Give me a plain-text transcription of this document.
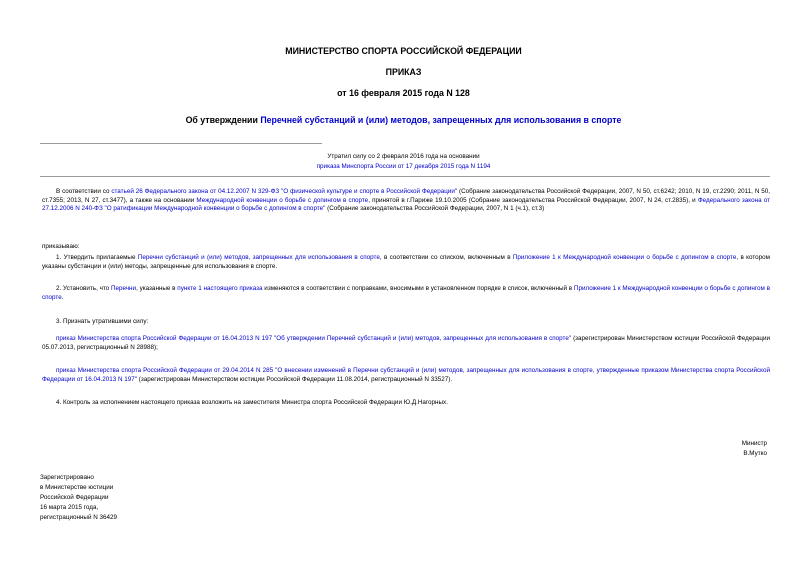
МИНИСТЕРСТВО СПОРТА РОССИЙСКОЙ ФЕДЕРАЦИИ
ПРИКАЗ
от 16 февраля 2015 года N 128
Об утверждении Перечней субстанций и (или) методов, запрещенных для использования в спорте
Утратил силу со 2 февраля 2016 года на основании
приказа Минспорта России от 17 декабря 2015 года N 1194
В соответствии со статьей 26 Федерального закона от 04.12.2007 N 329-ФЗ "О физической культуре и спорте в Российской Федерации" (Собрание законодательства Российской Федерации, 2007, N 50, ст.6242; 2010, N 19, ст.2290; 2011, N 50, ст.7355; 2013, N 27, ст.3477), а также на основании Международной конвенции о борьбе с допингом в спорте, принятой в г.Париже 19.10.2005 (Собрание законодательства Российской Федерации, 2007, N 24, ст.2835), и Федерального закона от 27.12.2006 N 240-ФЗ "О ратификации Международной конвенции о борьбе с допингом в спорте" (Собрание законодательства Российской Федерации, 2007, N 1 (ч.1), ст.3)
приказываю:
1. Утвердить прилагаемые Перечни субстанций и (или) методов, запрещенных для использования в спорте, в соответствии со списком, включенным в Приложение 1 к Международной конвенции о борьбе с допингом в спорте, в котором указаны субстанции и (или) методы, запрещенные для использования в спорте.
2. Установить, что Перечни, указанные в пункте 1 настоящего приказа изменяются в соответствии с поправками, вносимыми в установленном порядке в список, включенный в Приложение 1 к Международной конвенции о борьбе с допингом в спорте.
3. Признать утратившими силу:
приказ Министерства спорта Российской Федерации от 16.04.2013 N 197 "Об утверждении Перечней субстанций и (или) методов, запрещенных для использования в спорте" (зарегистрирован Министерством юстиции Российской Федерации 05.07.2013, регистрационный N 28988);
приказ Министерства спорта Российской Федерации от 29.04.2014 N 285 "О внесении изменений в Перечни субстанций и (или) методов, запрещенных для использования в спорте, утвержденные приказом Министерства спорта Российской Федерации от 16.04.2013 N 197" (зарегистрирован Министерством юстиции Российской Федерации 11.08.2014, регистрационный N 33527).
4. Контроль за исполнением настоящего приказа возложить на заместителя Министра спорта Российской Федерации Ю.Д.Нагорных.
Министр
В.Мутко
Зарегистрировано
в Министерстве юстиции
Российской Федерации
16 марта 2015 года,
регистрационный N 36429
